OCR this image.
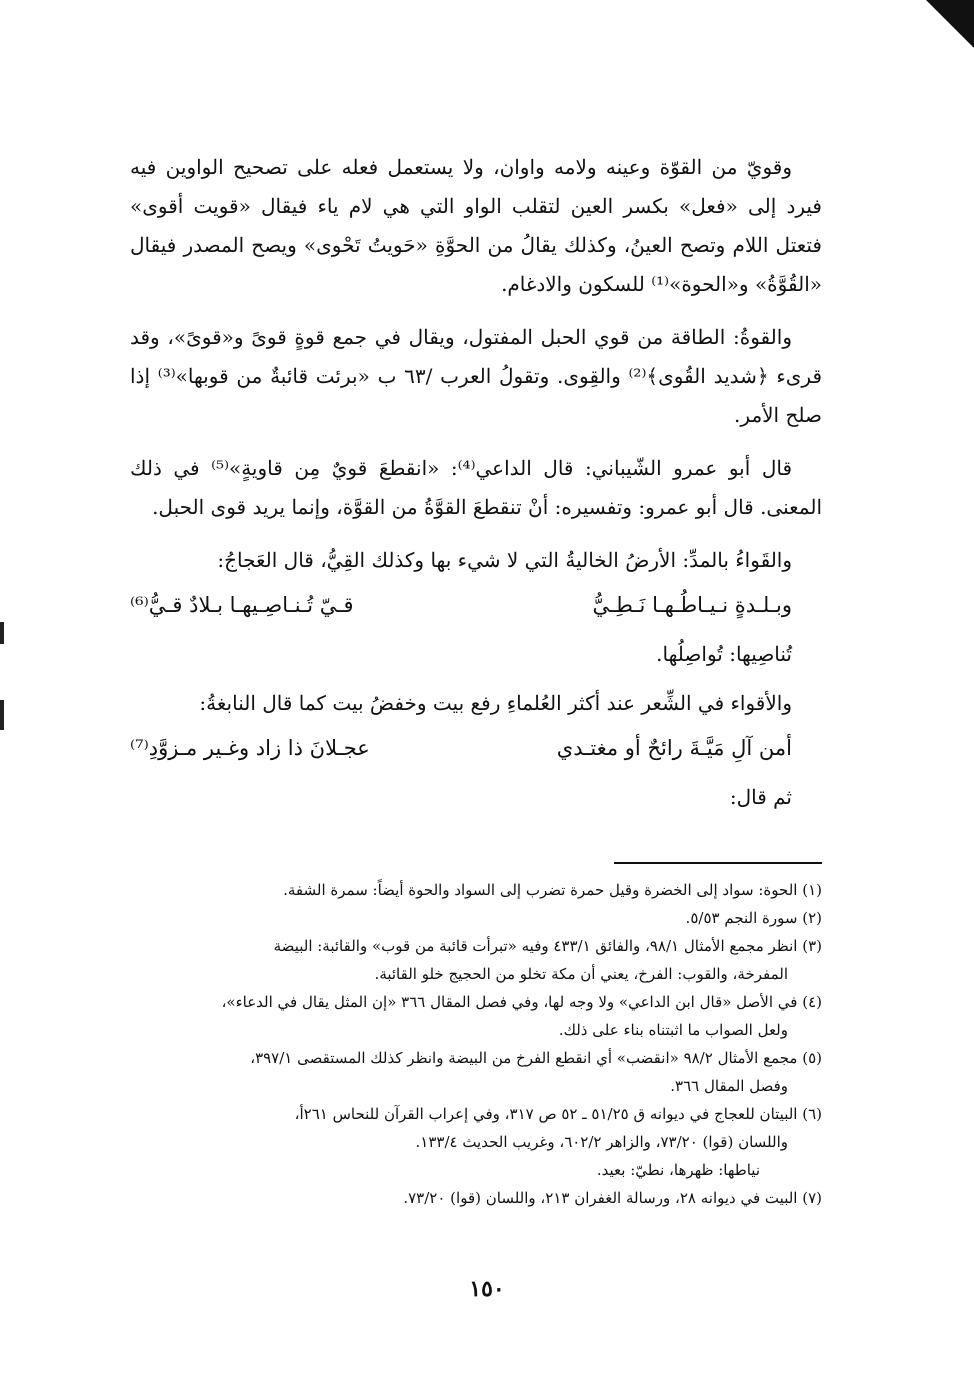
وقويّ من القوّة وعينه ولامه واوان، ولا يستعمل فعله على تصحيح الواوين فيه فيرد إلى «فعل» بكسر العين لتقلب الواو التي هي لام ياء فيقال «قويت أقوى» فتعتل اللام وتصح العينُ، وكذلك يقالُ من الحوَّةِ «حَويتُ تَحْوى» ويصح المصدر فيقال «القُوَّةُ» و«الحوة»⁽¹⁾ للسكون والادغام.

والقوةُ: الطاقة من قوي الحبل المفتول، ويقال في جمع قوةٍ قوىً و«قوىً»، وقد قرىء ﴿شديد القُوى﴾⁽²⁾ والقِوى. وتقولُ العرب /٦٣ ب «برئت قائبةٌ من قوبها»⁽³⁾ إذا صلح الأمر.

قال أبو عمرو الشّيباني: قال الداعي⁽⁴⁾: «انقطعَ قويٌ مِن قاويةٍ»⁽⁵⁾ في ذلك المعنى. قال أبو عمرو: وتفسيره: أنْ تنقطعَ القوَّةُ من القوَّة، وإنما يريد قوى الحبل.

والقَواءُ بالمدِّ: الأرضُ الخاليةُ التي لا شيء بها وكذلك القِيُّ، قال العَجاجُ:

وبـلـدةٍ نـيـاطُـهـا نَـطِـيُّ
قـيّ تُـنـاصِـيهـا بـلادٌ قـيُّ⁽⁶⁾
تُناصِيها: تُواصِلُها.

والأقواء في الشِّعر عند أكثر العُلماءِ رفع بيت وخفضُ بيت كما قال النابغةُ:

أمن آلِ مَيَّـةَ رائحٌ أو مغتـدي
عجـلانَ ذا زاد وغـير مـزوَّدِ⁽⁷⁾
ثم قال:

(١) الحوة: سواد إلى الخضرة وقيل حمرة تضرب إلى السواد والحوة أيضاً: سمرة الشفة.

(٢) سورة النجم ٥/٥٣.

(٣) انظر مجمع الأمثال ٩٨/١، والفائق ٤٣٣/١ وفيه «تبرأت قائبة من قوب» والقائبة: البيضة

المفرخة، والقوب: الفرخ، يعني أن مكة تخلو من الحجيج خلو القائبة.

(٤) في الأصل «قال ابن الداعي» ولا وجه لها، وفي فصل المقال ٣٦٦ «إن المثل يقال في الدعاء»،

ولعل الصواب ما اثبتناه بناء على ذلك.

(٥) مجمع الأمثال ٩٨/٢ «انقضب» أي انقطع الفرخ من البيضة وانظر كذلك المستقصى ٣٩٧/١،

وفصل المقال ٣٦٦.

(٦) البيتان للعجاج في ديوانه ق ٥١/٢٥ ـ ٥٢ ص ٣١٧، وفي إعراب القرآن للنحاس ٢٦١أ،

واللسان (قوا) ٧٣/٢٠، والزاهر ٦٠٢/٢، وغريب الحديث ١٣٣/٤.

نياطها: ظهرها، نطيّ: بعيد.

(٧) البيت في ديوانه ٢٨، ورسالة الغفران ٢١٣، واللسان (قوا) ٧٣/٢٠.

١٥٠
